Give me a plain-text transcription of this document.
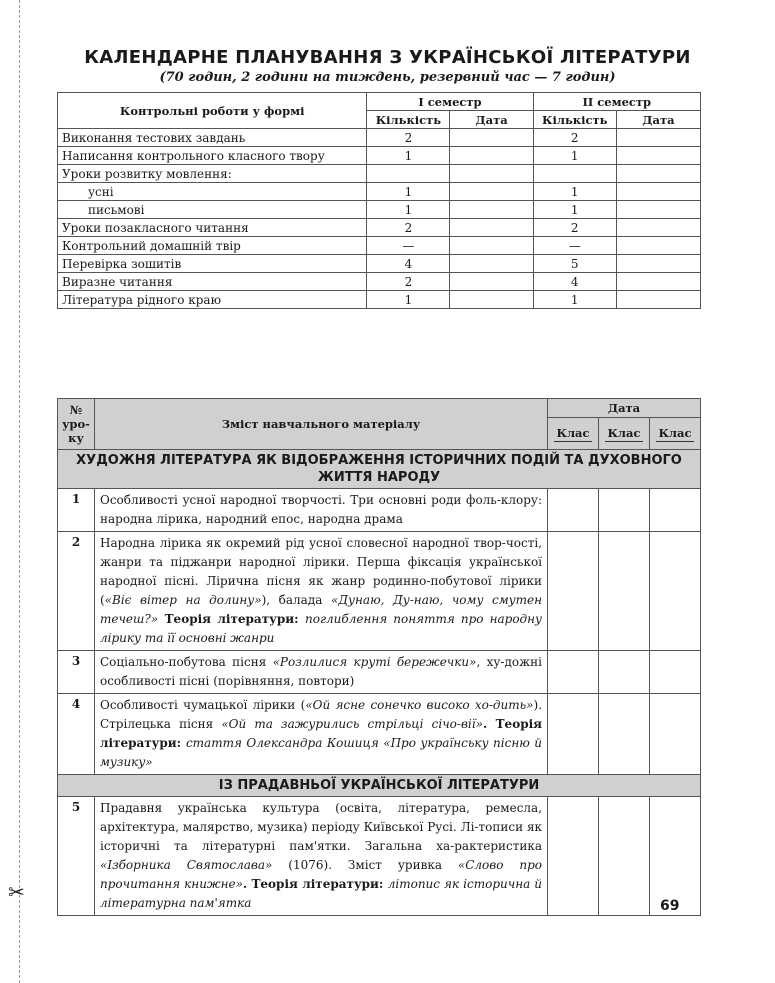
✂
КАЛЕНДАРНЕ ПЛАНУВАННЯ З УКРАЇНСЬКОЇ ЛІТЕРАТУРИ
(70 годин, 2 години на тиждень, резервний час — 7 годин)
Контрольні роботи у формі	I семестр		II семестр	
	Кількість	Дата	Кількість	Дата
Виконання тестових завдань	2		2	
Написання контрольного класного твору	1		1	
Уроки розвитку мовлення:				
усні	1		1	
письмові	1		1	
Уроки позакласного читання	2		2	
Контрольний домашній твір	—		—	
Перевірка зошитів	4		5	
Виразне читання	2		4	
Література рідного краю	1		1	
№ уро-ку	Зміст навчального матеріалу	Дата		

		Клас	Клас	Клас

ХУДОЖНЯ ЛІТЕРАТУРА ЯК ВІДОБРАЖЕННЯ ІСТОРИЧНИХ ПОДІЙ ТА ДУХОВНОГО ЖИТТЯ НАРОДУ				
1	Особливості усної народної творчості. Три основні роди фоль-клору: народна лірика, народний епос, народна драма			
2	Народна лірика як окремий рід усної словесної народної твор-чості, жанри та піджанри народної лірики. Перша фіксація української народної пісні. Лірична пісня як жанр родинно-побутової лірики («Віє вітер на долину»), балада «Дунаю, Ду-наю, чому смутен течеш?» Теорія літератури: поглиблення поняття про народну лірику та її основні жанри			
3	Соціально-побутова пісня «Розлилися круті бережечки», ху-дожні особливості пісні (порівняння, повтори)			
4	Особливості чумацької лірики («Ой ясне сонечко високо хо-дить»). Стрілецька пісня «Ой та зажурились стрільці січо-вії». Теорія літератури: стаття Олександра Кошиця «Про українську пісню й музику»			
ІЗ ПРАДАВНЬОЇ УКРАЇНСЬКОЇ ЛІТЕРАТУРИ				
5	Прадавня українська культура (освіта, література, ремесла, архітектура, малярство, музика) періоду Київської Русі. Лі-тописи як історичні та літературні пам'ятки. Загальна ха-рактеристика «Ізборника Святослава» (1076). Зміст уривка «Слово про прочитання книжне». Теорія літератури: літопис як історична й літературна пам'ятка				69
